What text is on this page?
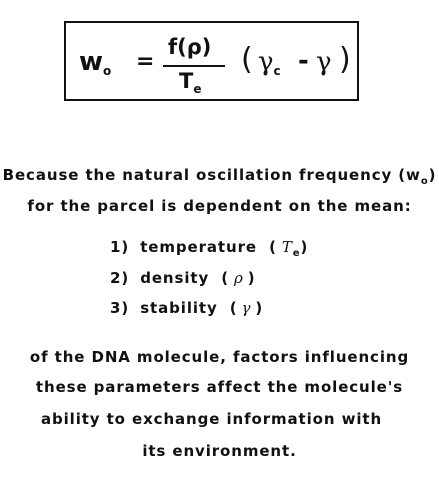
$w_o$ =
f(ρ)
$T_e$
( $\gamma_c$ - γ )
Because the natural oscillation frequency $(w_o)$
for the parcel is dependent on the mean:
1) temperature ( $T_e$)
2) density ( ρ )
3) stability ( γ )
of the DNA molecule, factors influencing
these parameters affect the molecule's
ability to exchange information with
its environment.
